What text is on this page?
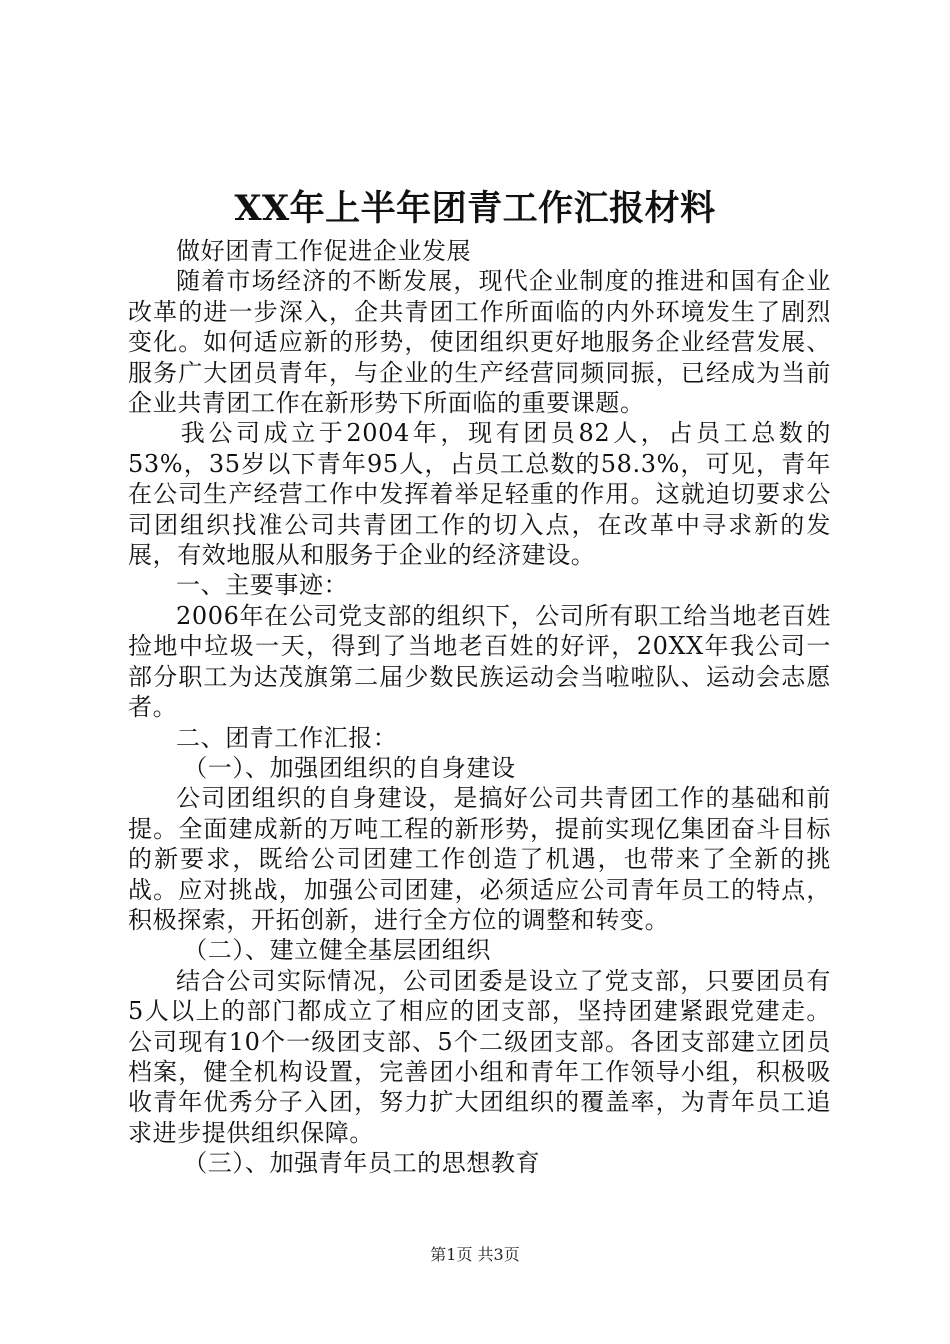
XX年上半年团青工作汇报材料

做好团青工作促进企业发展

随着市场经济的不断发展，现代企业制度的推进和国有企业改革的进一步深入，企共青团工作所面临的内外环境发生了剧烈变化。如何适应新的形势，使团组织更好地服务企业经营发展、服务广大团员青年，与企业的生产经营同频同振，已经成为当前企业共青团工作在新形势下所面临的重要课题。

我公司成立于2004年，现有团员82人，占员工总数的53%，35岁以下青年95人，占员工总数的58.3%，可见，青年在公司生产经营工作中发挥着举足轻重的作用。这就迫切要求公司团组织找准公司共青团工作的切入点，在改革中寻求新的发展，有效地服从和服务于企业的经济建设。

一、主要事迹：

2006年在公司党支部的组织下，公司所有职工给当地老百姓捡地中垃圾一天，得到了当地老百姓的好评，20XX年我公司一部分职工为达茂旗第二届少数民族运动会当啦啦队、运动会志愿者。

二、团青工作汇报：

（一）、加强团组织的自身建设

公司团组织的自身建设，是搞好公司共青团工作的基础和前提。全面建成新的万吨工程的新形势，提前实现亿集团奋斗目标的新要求，既给公司团建工作创造了机遇，也带来了全新的挑战。应对挑战，加强公司团建，必须适应公司青年员工的特点，积极探索，开拓创新，进行全方位的调整和转变。

（二）、建立健全基层团组织

结合公司实际情况，公司团委是设立了党支部，只要团员有5人以上的部门都成立了相应的团支部，坚持团建紧跟党建走。公司现有10个一级团支部、5个二级团支部。各团支部建立团员档案，健全机构设置，完善团小组和青年工作领导小组，积极吸收青年优秀分子入团，努力扩大团组织的覆盖率，为青年员工追求进步提供组织保障。

（三）、加强青年员工的思想教育

第1页 共3页
